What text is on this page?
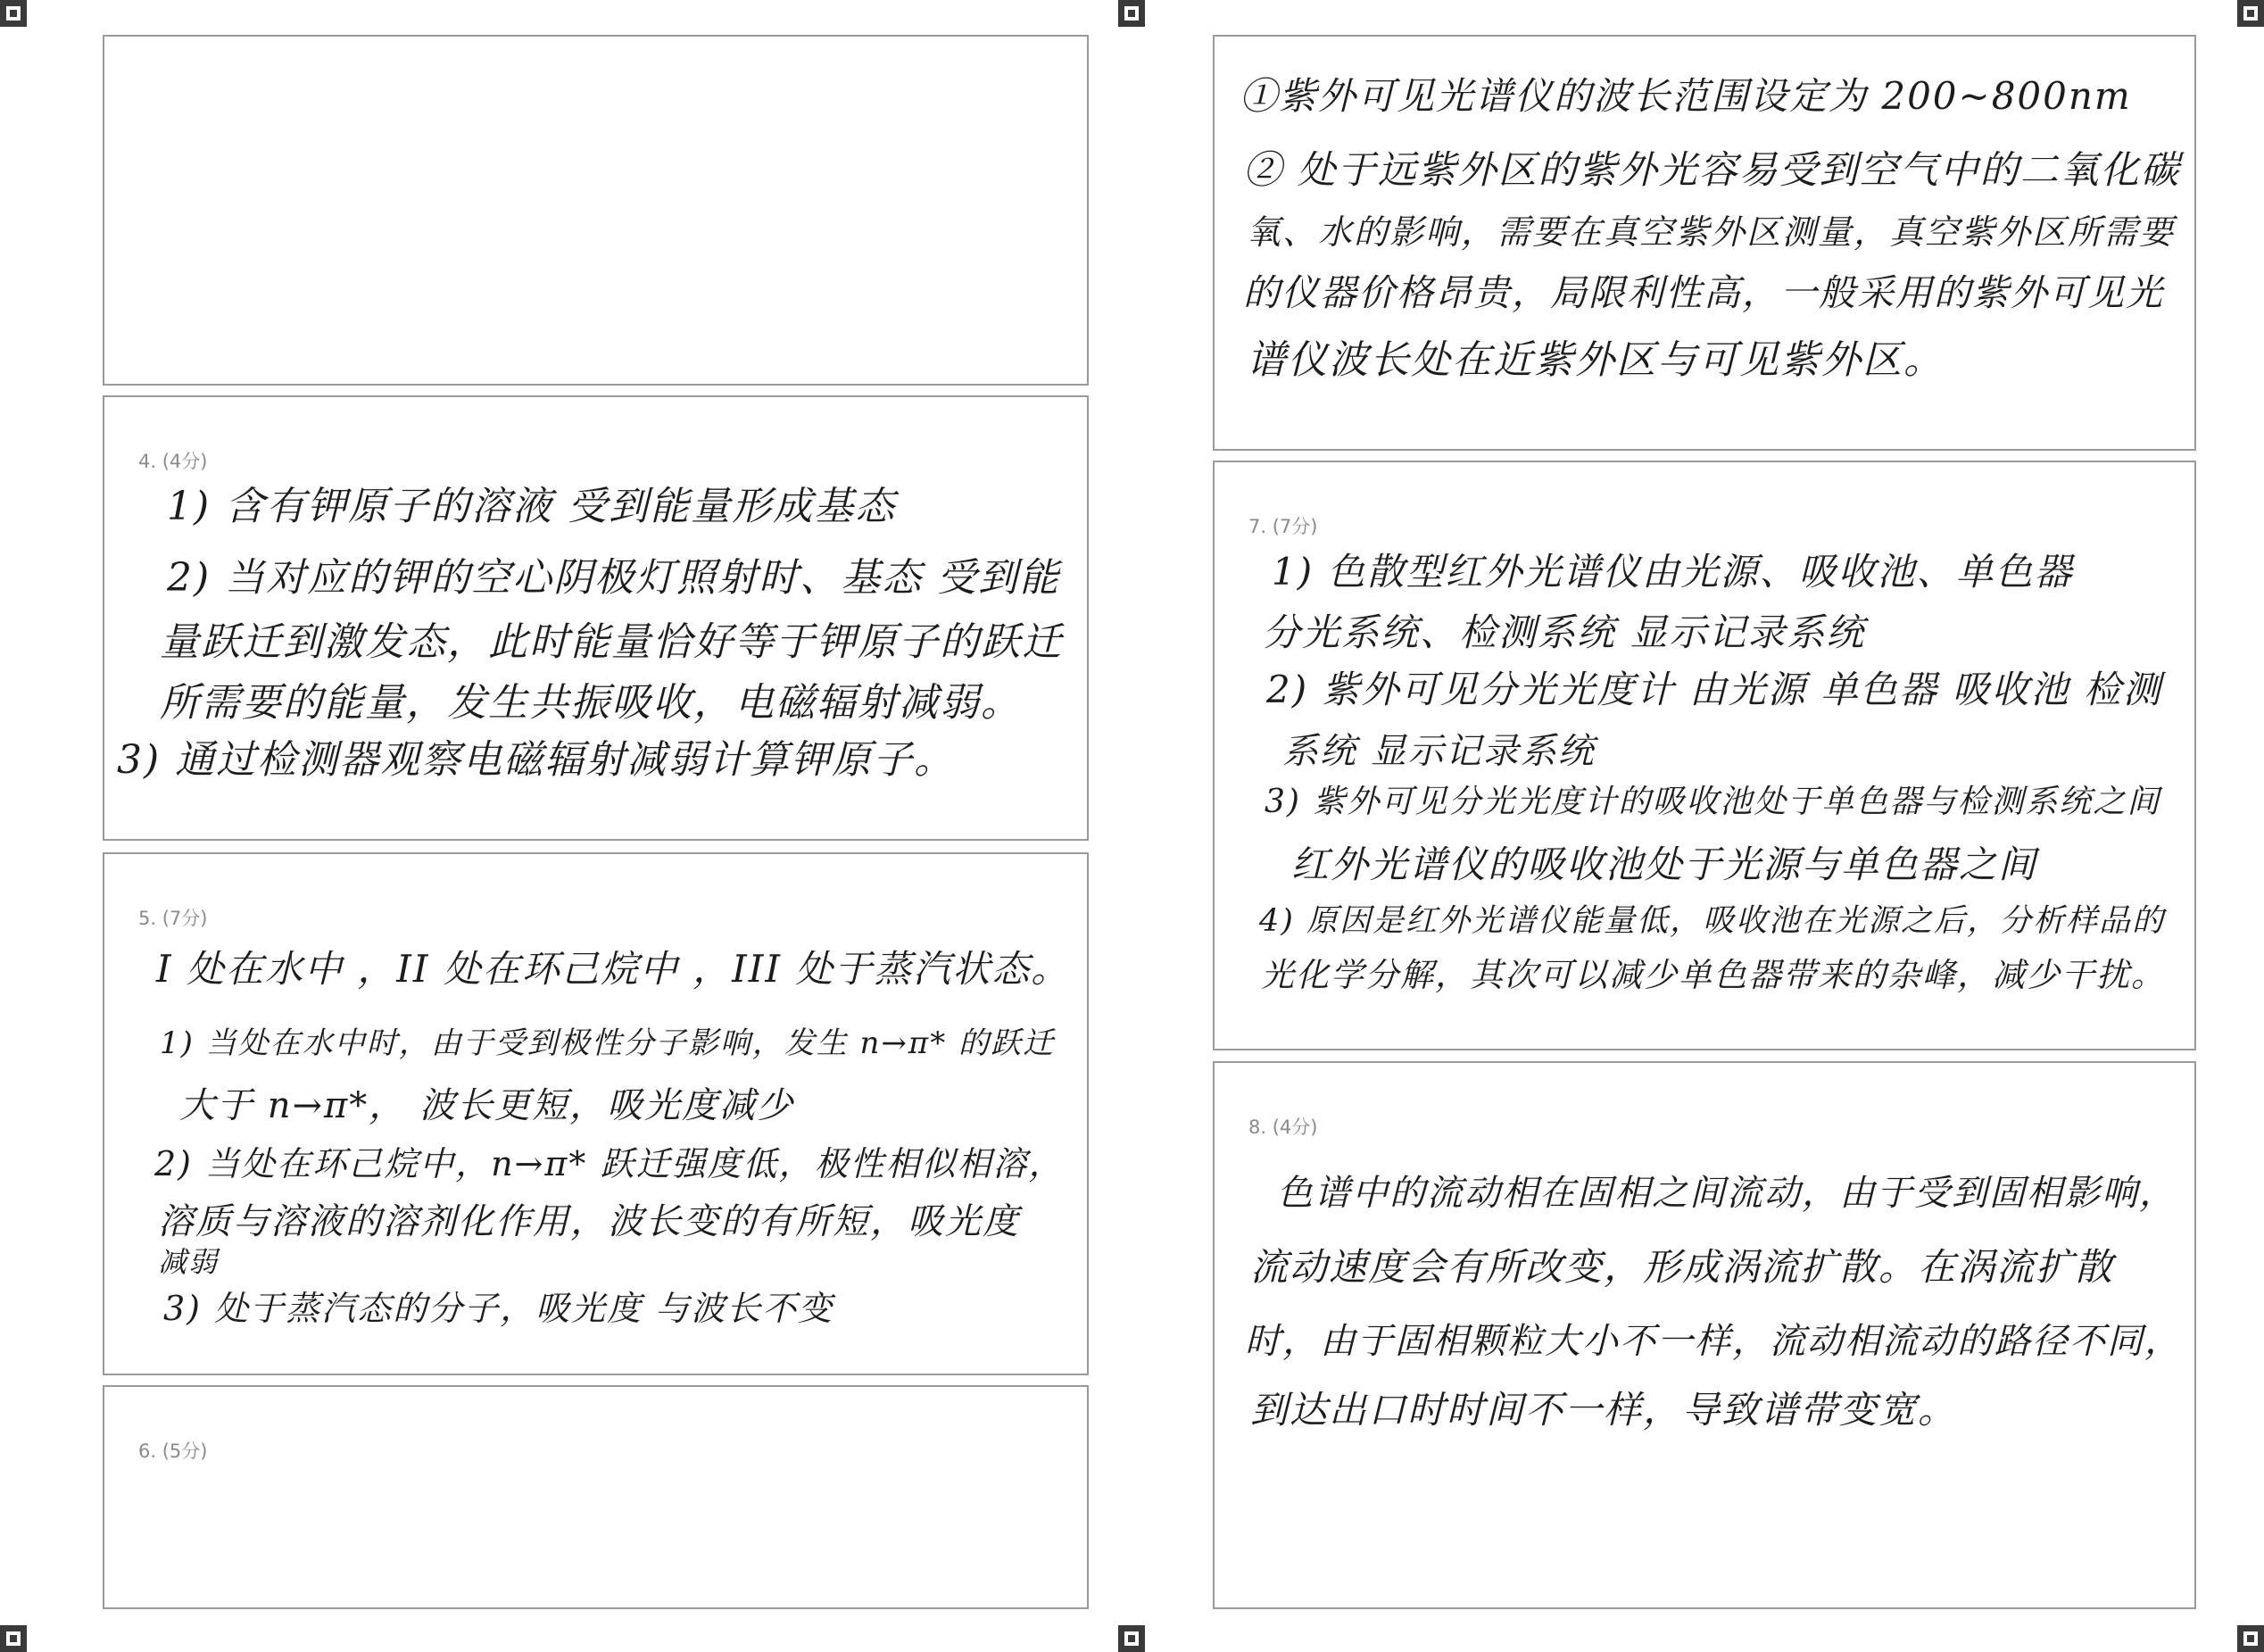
4. (4分)
1) 含有钾原子的溶液 受到能量形成基态
2) 当对应的钾的空心阴极灯照射时、基态 受到能
量跃迁到激发态，此时能量恰好等于钾原子的跃迁
所需要的能量，发生共振吸收，电磁辐射减弱。
3) 通过检测器观察电磁辐射减弱计算钾原子。
5. (7分)
I 处在水中 ，II 处在环己烷中 ，III 处于蒸汽状态。
1) 当处在水中时，由于受到极性分子影响，发生 n→π* 的跃迁
大于 n→π*， 波长更短，吸光度减少
2) 当处在环己烷中，n→π* 跃迁强度低，极性相似相溶，
溶质与溶液的溶剂化作用，波长变的有所短，吸光度
减弱
3) 处于蒸汽态的分子，吸光度 与波长不变
6. (5分)
①紫外可见光谱仪的波长范围设定为 200~800nm
② 处于远紫外区的紫外光容易受到空气中的二氧化碳
氧、水的影响，需要在真空紫外区测量，真空紫外区所需要
的仪器价格昂贵，局限利性高，一般采用的紫外可见光
谱仪波长处在近紫外区与可见紫外区。
7. (7分)
1) 色散型红外光谱仪由光源、吸收池、单色器
分光系统、检测系统 显示记录系统
2) 紫外可见分光光度计 由光源 单色器 吸收池 检测
系统 显示记录系统
3) 紫外可见分光光度计的吸收池处于单色器与检测系统之间
红外光谱仪的吸收池处于光源与单色器之间
4) 原因是红外光谱仪能量低，吸收池在光源之后，分析样品的
光化学分解，其次可以减少单色器带来的杂峰，减少干扰。
8. (4分)
色谱中的流动相在固相之间流动，由于受到固相影响，
流动速度会有所改变，形成涡流扩散。在涡流扩散
时，由于固相颗粒大小不一样，流动相流动的路径不同，
到达出口时时间不一样，导致谱带变宽。
